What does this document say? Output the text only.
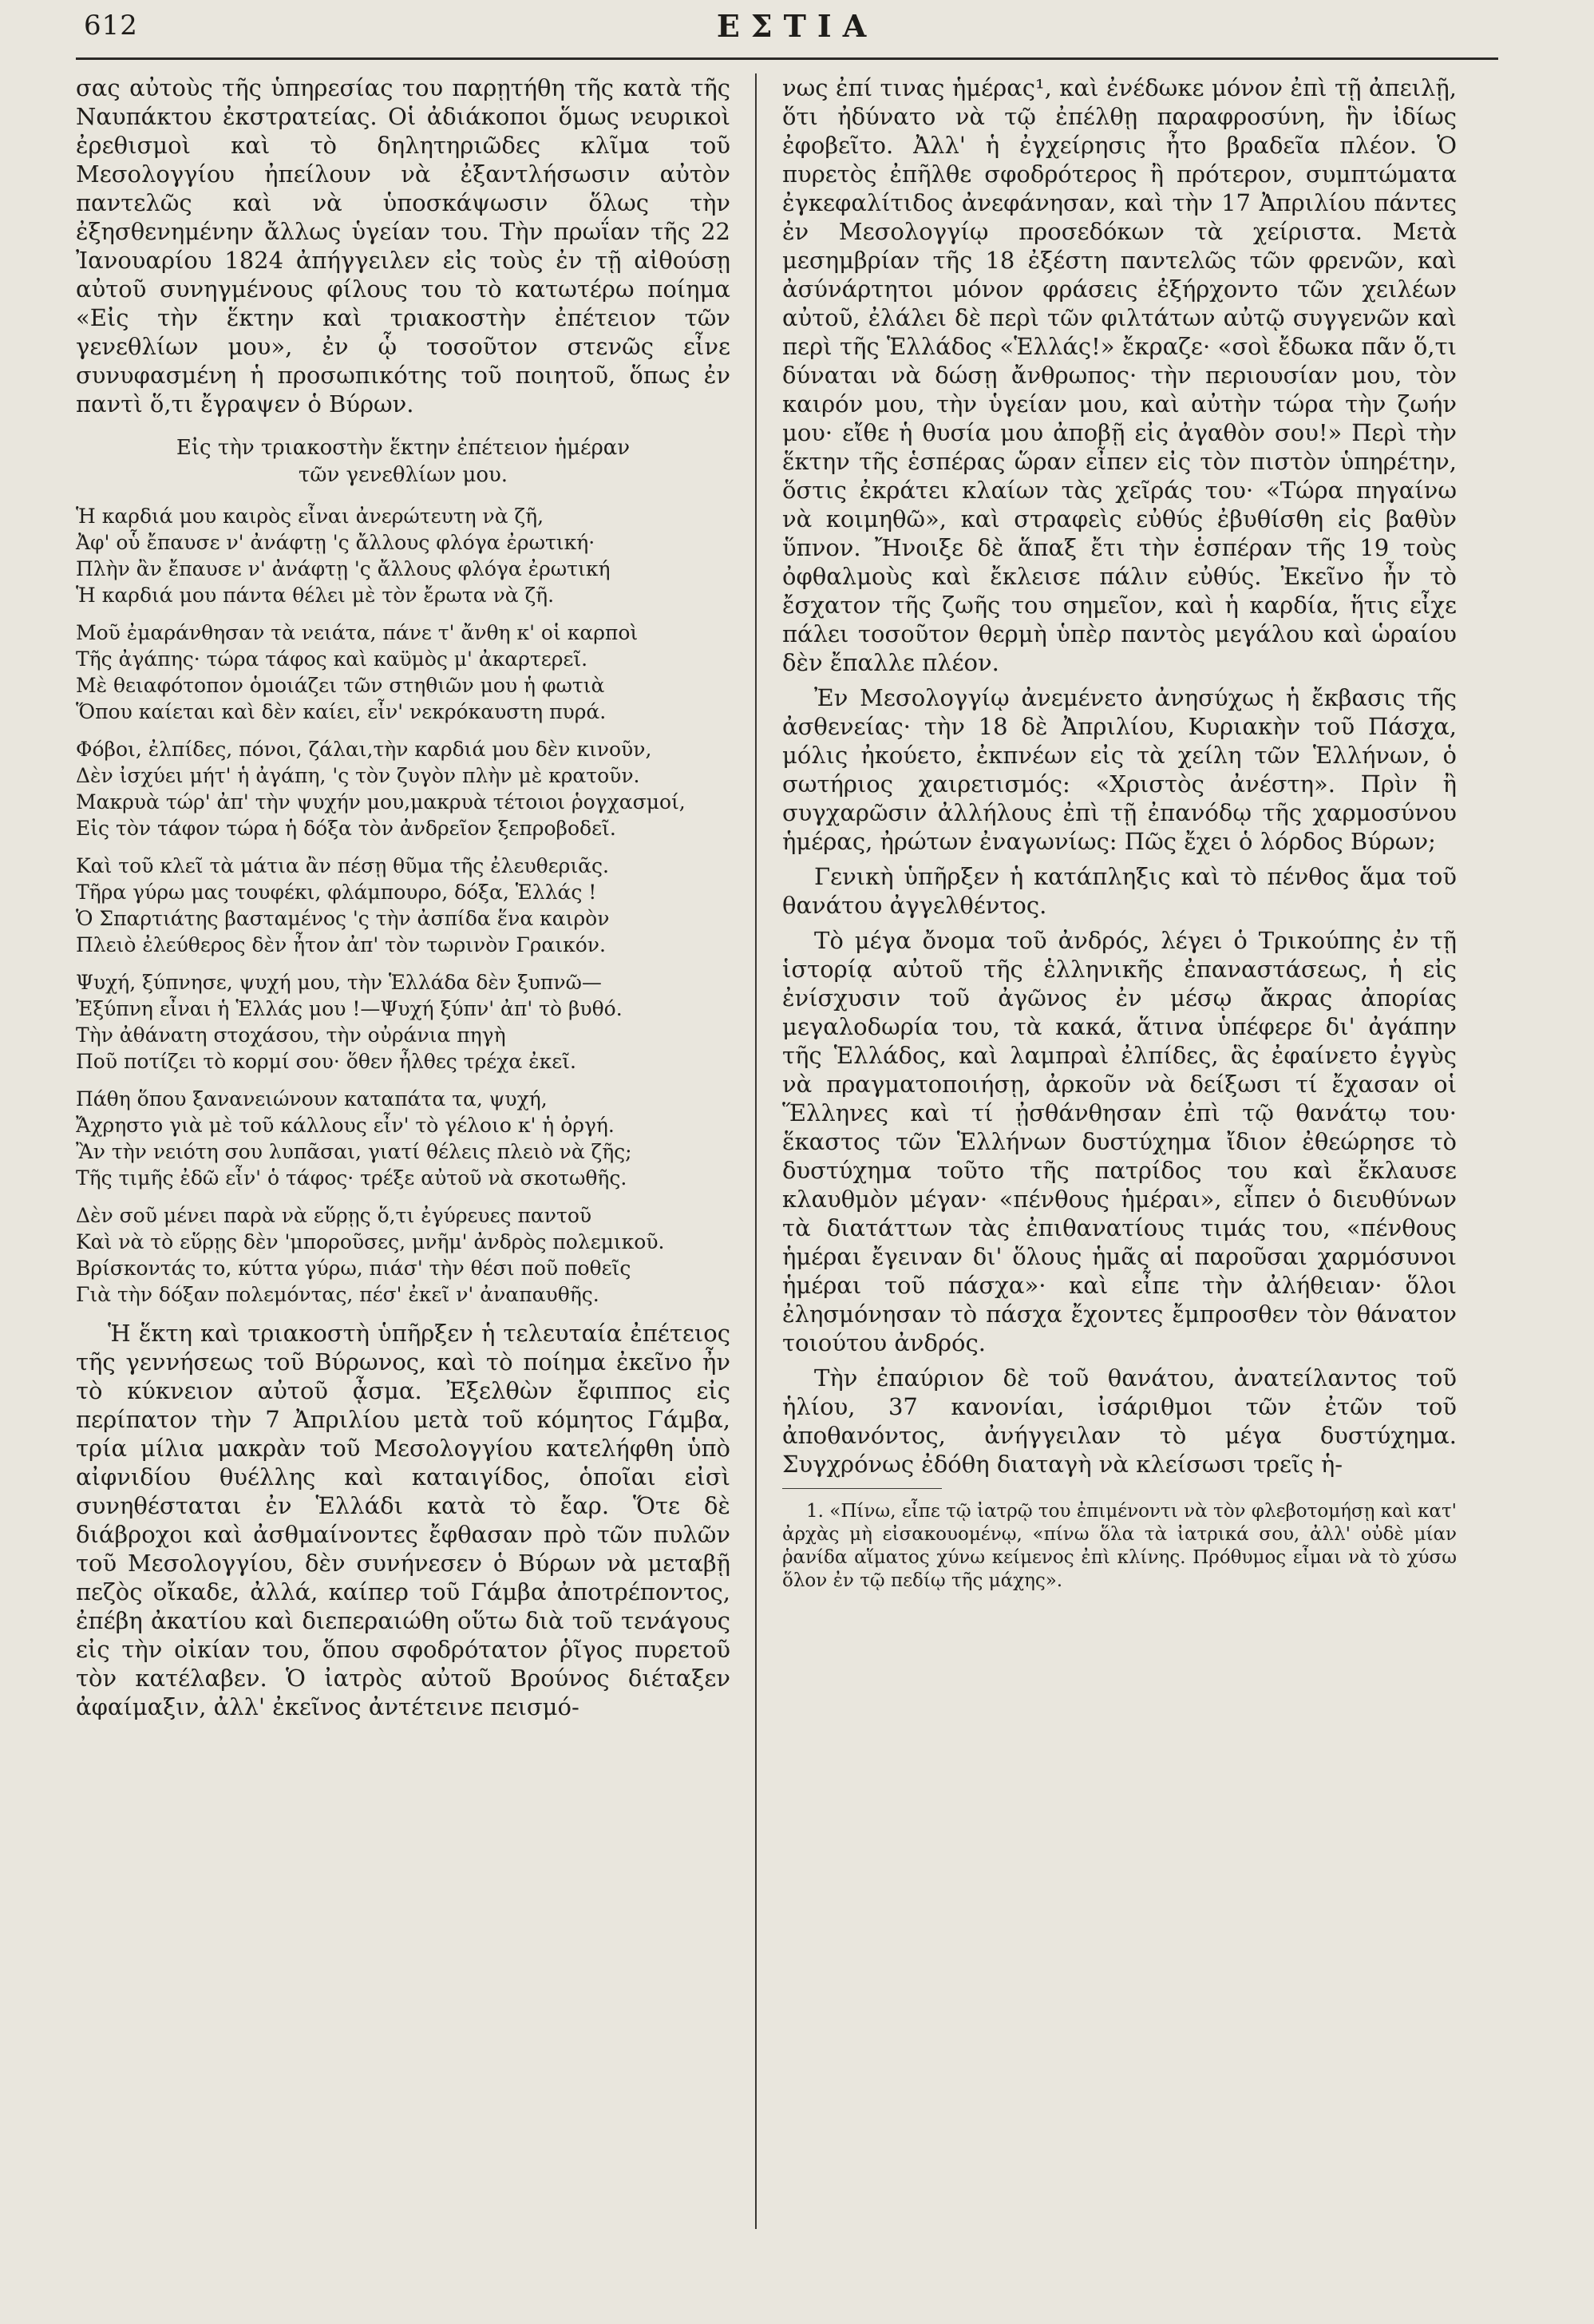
612	ΕΣΤΙΑ

σας αὐτοὺς τῆς ὑπηρεσίας του παρῃτήθη τῆς κατὰ τῆς Ναυπάκτου ἐκστρατείας. Οἱ ἀδιάκοποι ὅμως νευρικοὶ ἐρεθισμοὶ καὶ τὸ δηλητηριῶδες κλῖμα τοῦ Μεσολογγίου ἠπείλουν νὰ ἐξαντλήσωσιν αὐτὸν παντελῶς καὶ νὰ ὑποσκάψωσιν ὅλως τὴν ἐξησθενημένην ἄλλως ὑγείαν του. Τὴν πρωΐαν τῆς 22 Ἰανουαρίου 1824 ἀπήγγειλεν εἰς τοὺς ἐν τῇ αἰθούσῃ αὐτοῦ συνηγμένους φίλους του τὸ κατωτέρω ποίημα «Εἰς τὴν ἕκτην καὶ τριακοστὴν ἐπέτειον τῶν γενεθλίων μου», ἐν ᾧ τοσοῦτον στενῶς εἶνε συνυφασμένη ἡ προσωπικότης τοῦ ποιητοῦ, ὅπως ἐν παντὶ ὅ,τι ἔγραψεν ὁ Βύρων.

Εἰς τὴν τριακοστὴν ἕκτην ἐπέτειον ἡμέραν
τῶν γενεθλίων μου.
Ἡ καρδιά μου καιρὸς εἶναι ἀνερώτευτη νὰ ζῆ,
Ἀφ' οὗ ἔπαυσε ν' ἀνάφτῃ 'ς ἄλλους φλόγα ἐρωτική·
Πλὴν ἂν ἔπαυσε ν' ἀνάφτῃ 'ς ἄλλους φλόγα ἐρωτική
Ἡ καρδιά μου πάντα θέλει μὲ τὸν ἔρωτα νὰ ζῆ.
Μοῦ ἐμαράνθησαν τὰ νειάτα, πάνε τ' ἄνθη κ' οἱ καρποὶ
Τῆς ἀγάπης· τώρα τάφος καὶ καϋμὸς μ' ἀκαρτερεῖ.
Μὲ θειαφότοπον ὁμοιάζει τῶν στηθιῶν μου ἡ φωτιὰ
Ὅπου καίεται καὶ δὲν καίει, εἶν' νεκρόκαυστη πυρά.
Φόβοι, ἐλπίδες, πόνοι, ζάλαι,τὴν καρδιά μου δὲν κινοῦν,
Δὲν ἰσχύει μήτ' ἡ ἀγάπη, 'ς τὸν ζυγὸν πλὴν μὲ κρατοῦν.
Μακρυὰ τώρ' ἀπ' τὴν ψυχήν μου,μακρυὰ τέτοιοι ῥογχασμοί,
Εἰς τὸν τάφον τώρα ἡ δόξα τὸν ἀνδρεῖον ξεπροβοδεῖ.
Καὶ τοῦ κλεῖ τὰ μάτια ἂν πέσῃ θῦμα τῆς ἐλευθεριᾶς.
Τῆρα γύρω μας τουφέκι, φλάμπουρο, δόξα, Ἑλλάς !
Ὁ Σπαρτιάτης βασταμένος 'ς τὴν ἀσπίδα ἕνα καιρὸν
Πλειὸ ἐλεύθερος δὲν ἦτον ἀπ' τὸν τωρινὸν Γραικόν.
Ψυχή, ξύπνησε, ψυχή μου, τὴν Ἑλλάδα δὲν ξυπνῶ—
Ἐξύπνη εἶναι ἡ Ἑλλάς μου !—Ψυχή ξύπν' ἀπ' τὸ βυθό.
Τὴν ἀθάνατη στοχάσου, τὴν οὐράνια πηγὴ
Ποῦ ποτίζει τὸ κορμί σου· ὅθεν ἦλθες τρέχα ἐκεῖ.
Πάθη ὅπου ξανανειώνουν καταπάτα τα, ψυχή,
Ἄχρηστο γιὰ μὲ τοῦ κάλλους εἶν' τὸ γέλοιο κ' ἡ ὀργή.
Ἂν τὴν νειότη σου λυπᾶσαι, γιατί θέλεις πλειὸ νὰ ζῆς;
Τῆς τιμῆς ἐδῶ εἶν' ὁ τάφος· τρέξε αὐτοῦ νὰ σκοτωθῆς.
Δὲν σοῦ μένει παρὰ νὰ εὕρῃς ὅ,τι ἐγύρευες παντοῦ
Καὶ νὰ τὸ εὕρῃς δὲν 'μποροῦσες, μνῆμ' ἀνδρὸς πολεμικοῦ.
Βρίσκοντάς το, κύττα γύρω, πιάσ' τὴν θέσι ποῦ ποθεῖς
Γιὰ τὴν δόξαν πολεμόντας, πέσ' ἐκεῖ ν' ἀναπαυθῆς.

Ἡ ἕκτη καὶ τριακοστὴ ὑπῆρξεν ἡ τελευταία ἐπέτειος τῆς γεννήσεως τοῦ Βύρωνος, καὶ τὸ ποίημα ἐκεῖνο ἦν τὸ κύκνειον αὐτοῦ ᾆσμα. Ἐξελθὼν ἔφιππος εἰς περίπατον τὴν 7 Ἀπριλίου μετὰ τοῦ κόμητος Γάμβα, τρία μίλια μακρὰν τοῦ Μεσολογγίου κατελήφθη ὑπὸ αἰφνιδίου θυέλλης καὶ καταιγίδος, ὁποῖαι εἰσὶ συνηθέσταται ἐν Ἑλλάδι κατὰ τὸ ἔαρ. Ὅτε δὲ διάβροχοι καὶ ἀσθμαίνοντες ἔφθασαν πρὸ τῶν πυλῶν τοῦ Μεσολογγίου, δὲν συνήνεσεν ὁ Βύρων νὰ μεταβῇ πεζὸς οἴκαδε, ἀλλά, καίπερ τοῦ Γάμβα ἀποτρέποντος, ἐπέβη ἀκατίου καὶ διεπεραιώθη οὕτω διὰ τοῦ τενάγους εἰς τὴν οἰκίαν του, ὅπου σφοδρότατον ῥῖγος πυρετοῦ τὸν κατέλαβεν. Ὁ ἰατρὸς αὐτοῦ Βρούνος διέταξεν ἀφαίμαξιν, ἀλλ' ἐκεῖνος ἀντέτεινε πεισμό-

νως ἐπί τινας ἡμέρας¹, καὶ ἐνέδωκε μόνον ἐπὶ τῇ ἀπειλῇ, ὅτι ἠδύνατο νὰ τῷ ἐπέλθῃ παραφροσύνη, ἣν ἰδίως ἐφοβεῖτο. Ἀλλ' ἡ ἐγχείρησις ἦτο βραδεῖα πλέον. Ὁ πυρετὸς ἐπῆλθε σφοδρότερος ἢ πρότερον, συμπτώματα ἐγκεφαλίτιδος ἀνεφάνησαν, καὶ τὴν 17 Ἀπριλίου πάντες ἐν Μεσολογγίῳ προσεδόκων τὰ χείριστα. Μετὰ μεσημβρίαν τῆς 18 ἐξέστη παντελῶς τῶν φρενῶν, καὶ ἀσύνάρτητοι μόνον φράσεις ἐξήρχοντο τῶν χειλέων αὐτοῦ, ἐλάλει δὲ περὶ τῶν φιλτάτων αὐτῷ συγγενῶν καὶ περὶ τῆς Ἑλλάδος «Ἑλλάς!» ἔκραζε· «σοὶ ἔδωκα πᾶν ὅ,τι δύναται νὰ δώσῃ ἄνθρωπος· τὴν περιουσίαν μου, τὸν καιρόν μου, τὴν ὑγείαν μου, καὶ αὐτὴν τώρα τὴν ζωήν μου· εἴθε ἡ θυσία μου ἀποβῇ εἰς ἀγαθὸν σου!» Περὶ τὴν ἕκτην τῆς ἑσπέρας ὥραν εἶπεν εἰς τὸν πιστὸν ὑπηρέτην, ὅστις ἐκράτει κλαίων τὰς χεῖράς του· «Τώρα πηγαίνω νὰ κοιμηθῶ», καὶ στραφεὶς εὐθύς ἐβυθίσθη εἰς βαθὺν ὕπνον. Ἤνοιξε δὲ ἅπαξ ἔτι τὴν ἑσπέραν τῆς 19 τοὺς ὀφθαλμοὺς καὶ ἔκλεισε πάλιν εὐθύς. Ἐκεῖνο ἦν τὸ ἔσχατον τῆς ζωῆς του σημεῖον, καὶ ἡ καρδία, ἥτις εἶχε πάλει τοσοῦτον θερμὴ ὑπὲρ παντὸς μεγάλου καὶ ὡραίου δὲν ἔπαλλε πλέον.

Ἐν Μεσολογγίῳ ἀνεμένετο ἀνησύχως ἡ ἔκβασις τῆς ἀσθενείας· τὴν 18 δὲ Ἀπριλίου, Κυριακὴν τοῦ Πάσχα, μόλις ἠκούετο, ἐκπνέων εἰς τὰ χείλη τῶν Ἑλλήνων, ὁ σωτήριος χαιρετισμός: «Χριστὸς ἀνέστη». Πρὶν ἢ συγχαρῶσιν ἀλλήλους ἐπὶ τῇ ἐπανόδῳ τῆς χαρμοσύνου ἡμέρας, ἠρώτων ἐναγωνίως: Πῶς ἔχει ὁ λόρδος Βύρων;

Γενικὴ ὑπῆρξεν ἡ κατάπληξις καὶ τὸ πένθος ἅμα τοῦ θανάτου ἀγγελθέντος.

Τὸ μέγα ὄνομα τοῦ ἀνδρός, λέγει ὁ Τρικούπης ἐν τῇ ἱστορίᾳ αὐτοῦ τῆς ἑλληνικῆς ἐπαναστάσεως, ἡ εἰς ἐνίσχυσιν τοῦ ἀγῶνος ἐν μέσῳ ἄκρας ἀπορίας μεγαλοδωρία του, τὰ κακά, ἅτινα ὑπέφερε δι' ἀγάπην τῆς Ἑλλάδος, καὶ λαμπραὶ ἐλπίδες, ἃς ἐφαίνετο ἐγγὺς νὰ πραγματοποιήσῃ, ἀρκοῦν νὰ δείξωσι τί ἔχασαν οἱ Ἕλληνες καὶ τί ᾐσθάνθησαν ἐπὶ τῷ θανάτῳ του· ἕκαστος τῶν Ἑλλήνων δυστύχημα ἴδιον ἐθεώρησε τὸ δυστύχημα τοῦτο τῆς πατρίδος του καὶ ἔκλαυσε κλαυθμὸν μέγαν· «πένθους ἡμέραι», εἶπεν ὁ διευθύνων τὰ διατάττων τὰς ἐπιθανατίους τιμάς του, «πένθους ἡμέραι ἔγειναν δι' ὅλους ἡμᾶς αἱ παροῦσαι χαρμόσυνοι ἡμέραι τοῦ πάσχα»· καὶ εἶπε τὴν ἀλήθειαν· ὅλοι ἐλησμόνησαν τὸ πάσχα ἔχοντες ἔμπροσθεν τὸν θάνατον τοιούτου ἀνδρός.

Τὴν ἐπαύριον δὲ τοῦ θανάτου, ἀνατείλαντος τοῦ ἡλίου, 37 κανονίαι, ἰσάριθμοι τῶν ἐτῶν τοῦ ἀποθανόντος, ἀνήγγειλαν τὸ μέγα δυστύχημα. Συγχρόνως ἐδόθη διαταγὴ νὰ κλείσωσι τρεῖς ἡ-

1. «Πίνω, εἶπε τῷ ἰατρῷ του ἐπιμένοντι νὰ τὸν φλεβοτομήσῃ καὶ κατ' ἀρχὰς μὴ εἰσακουομένῳ, «πίνω ὅλα τὰ ἰατρικά σου, ἀλλ' οὐδὲ μίαν ῥανίδα αἵματος χύνω κείμενος ἐπὶ κλίνης. Πρόθυμος εἶμαι νὰ τὸ χύσω ὅλον ἐν τῷ πεδίῳ τῆς μάχης».
